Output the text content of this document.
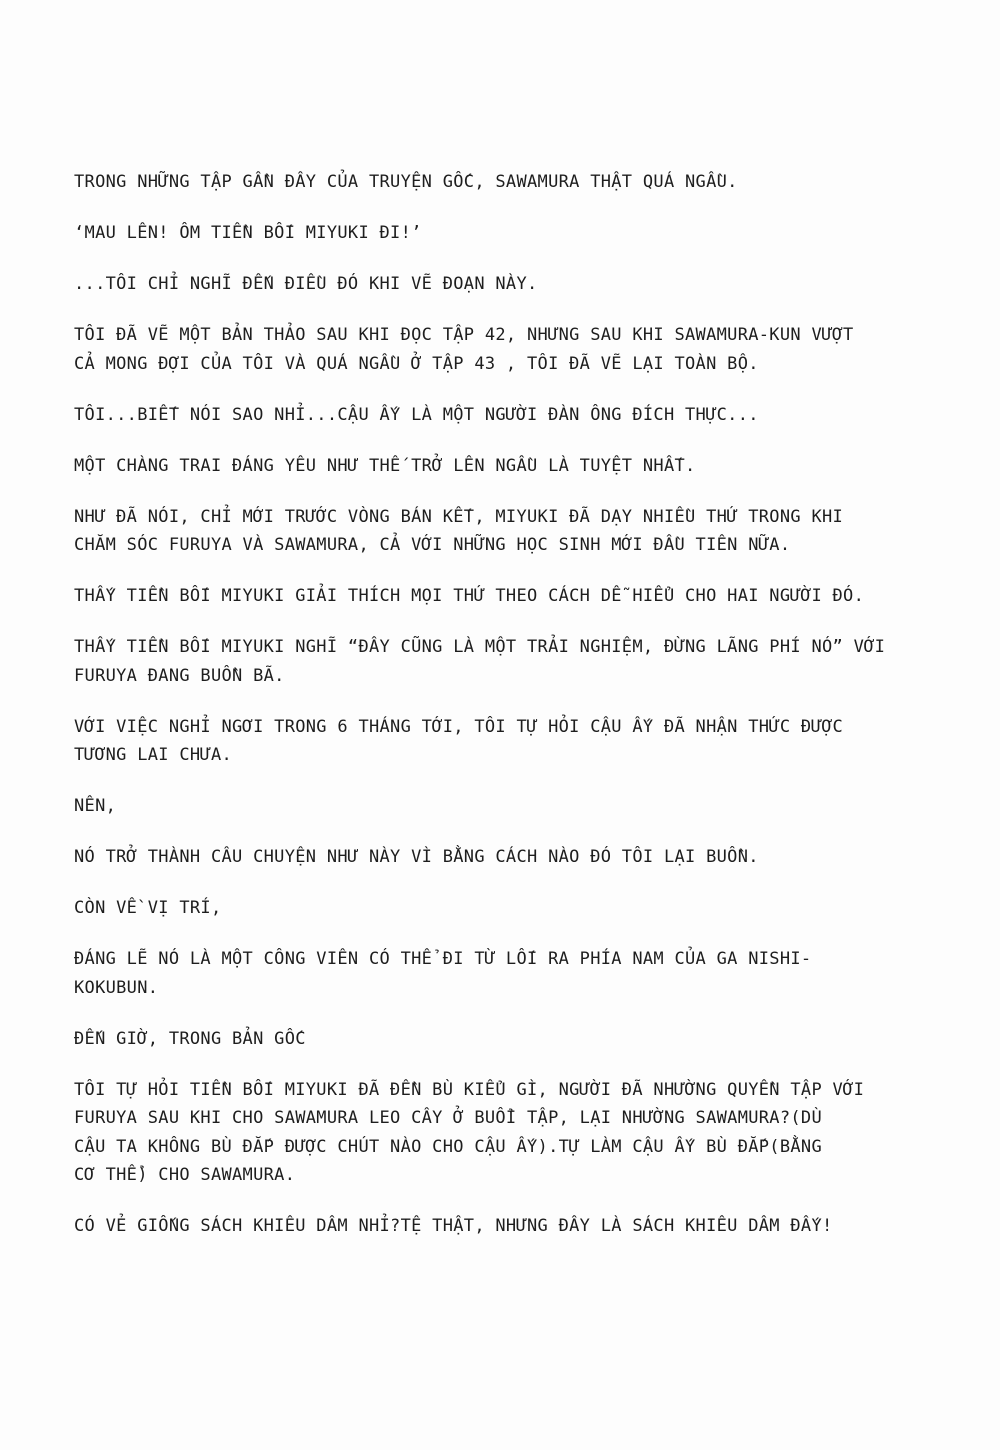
TRONG NHỮNG TẬP GẦN ĐÂY CỦA TRUYỆN GỐC, SAWAMURA THẬT QUÁ NGẦU.

‘MAU LÊN! ÔM TIỀN BỐI MIYUKI ĐI!’

...TÔI CHỈ NGHĨ ĐẾN ĐIỀU ĐÓ KHI VẼ ĐOẠN NÀY.

TÔI ĐÃ VẼ MỘT BẢN THẢO SAU KHI ĐỌC TẬP 42, NHƯNG SAU KHI SAWAMURA-KUN VƯỢT
CẢ MONG ĐỢI CỦA TÔI VÀ QUÁ NGẦU Ở TẬP 43 , TÔI ĐÃ VẼ LẠI TOÀN BỘ.

TÔI...BIẾT NÓI SAO NHỈ...CẬU ẤY LÀ MỘT NGƯỜI ĐÀN ÔNG ĐÍCH THỰC...

MỘT CHÀNG TRAI ĐÁNG YÊU NHƯ THẾ TRỞ LÊN NGẦU LÀ TUYỆT NHẤT.

NHƯ ĐÃ NÓI, CHỈ MỚI TRƯỚC VÒNG BÁN KẾT, MIYUKI ĐÃ DẠY NHIỀU THỨ TRONG KHI
CHĂM SÓC FURUYA VÀ SAWAMURA, CẢ VỚI NHỮNG HỌC SINH MỚI ĐẦU TIÊN NỮA.

THẤY TIỀN BỐI MIYUKI GIẢI THÍCH MỌI THỨ THEO CÁCH DỄ HIỂU CHO HAI NGƯỜI ĐÓ.

THẤY TIỀN BỐI MIYUKI NGHĨ “ĐÂY CŨNG LÀ MỘT TRẢI NGHIỆM, ĐỪNG LÃNG PHÍ NÓ” VỚI
FURUYA ĐANG BUỒN BÃ.

VỚI VIỆC NGHỈ NGƠI TRONG 6 THÁNG TỚI, TÔI TỰ HỎI CẬU ẤY ĐÃ NHẬN THỨC ĐƯỢC
TƯƠNG LAI CHƯA.

NÊN,

NÓ TRỞ THÀNH CÂU CHUYỆN NHƯ NÀY VÌ BẰNG CÁCH NÀO ĐÓ TÔI LẠI BUỒN.

CÒN VỀ VỊ TRÍ,

ĐÁNG LẼ NÓ LÀ MỘT CÔNG VIÊN CÓ THỂ ĐI TỪ LỐI RA PHÍA NAM CỦA GA NISHI-
KOKUBUN.

ĐẾN GIỜ, TRONG BẢN GỐC

TÔI TỰ HỎI TIỀN BỐI MIYUKI ĐÃ ĐỀN BÙ KIỂU GÌ, NGƯỜI ĐÃ NHƯỜNG QUYỀN TẬP VỚI
FURUYA SAU KHI CHO SAWAMURA LEO CÂY Ở BUỔI TẬP, LẠI NHƯỜNG SAWAMURA?(DÙ
CẬU TA KHÔNG BÙ ĐẮP ĐƯỢC CHÚT NÀO CHO CẬU ẤY).TỰ LÀM CẬU ẤY BÙ ĐẮP(BẰNG
CƠ THỂ) CHO SAWAMURA.

CÓ VẺ GIỐNG SÁCH KHIÊU DÂM NHỈ?TỆ THẬT, NHƯNG ĐÂY LÀ SÁCH KHIÊU DÂM ĐẤY!
